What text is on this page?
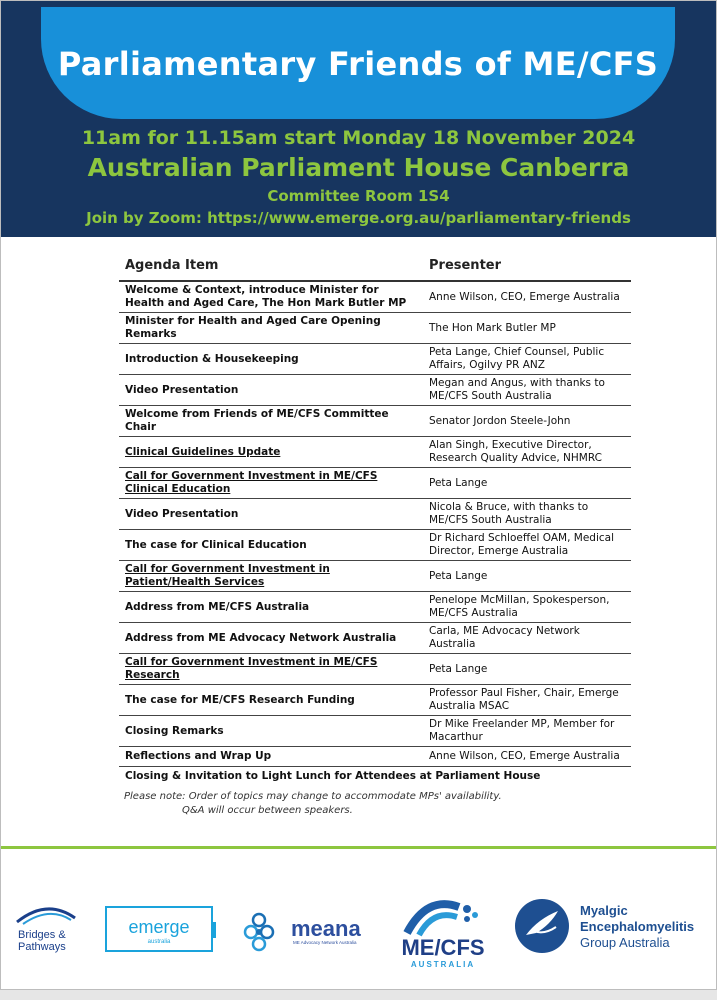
Parliamentary Friends of ME/CFS
11am for 11.15am start Monday 18 November 2024
Australian Parliament House Canberra
Committee Room 1S4
Join by Zoom: https://www.emerge.org.au/parliamentary-friends
Agenda Item	Presenter
Welcome & Context, introduce Minister for Health and Aged Care, The Hon Mark Butler MP	Anne Wilson, CEO, Emerge Australia
Minister for Health and Aged Care Opening Remarks	The Hon Mark Butler MP
Introduction & Housekeeping	Peta Lange, Chief Counsel, Public Affairs, Ogilvy PR ANZ
Video Presentation	Megan and Angus, with thanks to ME/CFS South Australia
Welcome from Friends of ME/CFS Committee Chair	Senator Jordon Steele-John
Clinical Guidelines Update	Alan Singh, Executive Director, Research Quality Advice, NHMRC
Call for Government Investment in ME/CFS Clinical Education	Peta Lange
Video Presentation	Nicola & Bruce, with thanks to ME/CFS South Australia
The case for Clinical Education	Dr Richard Schloeffel OAM, Medical Director, Emerge Australia
Call for Government Investment in Patient/Health Services	Peta Lange
Address from ME/CFS Australia	Penelope McMillan, Spokesperson, ME/CFS Australia
Address from ME Advocacy Network Australia	Carla, ME Advocacy Network Australia
Call for Government Investment in ME/CFS Research	Peta Lange
The case for ME/CFS Research Funding	Professor Paul Fisher, Chair, Emerge Australia MSAC
Closing Remarks	Dr Mike Freelander MP, Member for Macarthur
Reflections and Wrap Up	Anne Wilson, CEO, Emerge Australia
Closing & Invitation to Light Lunch for Attendees at Parliament House	
Please note: Order of topics may change to accommodate MPs' availability.
Q&A will occur between speakers.
Bridges &
Pathways
emerge
australia
meana
ME Advocacy Network Australia ME/CFS
AUSTRALIA
Myalgic
Encephalomyelitis
Group Australia
